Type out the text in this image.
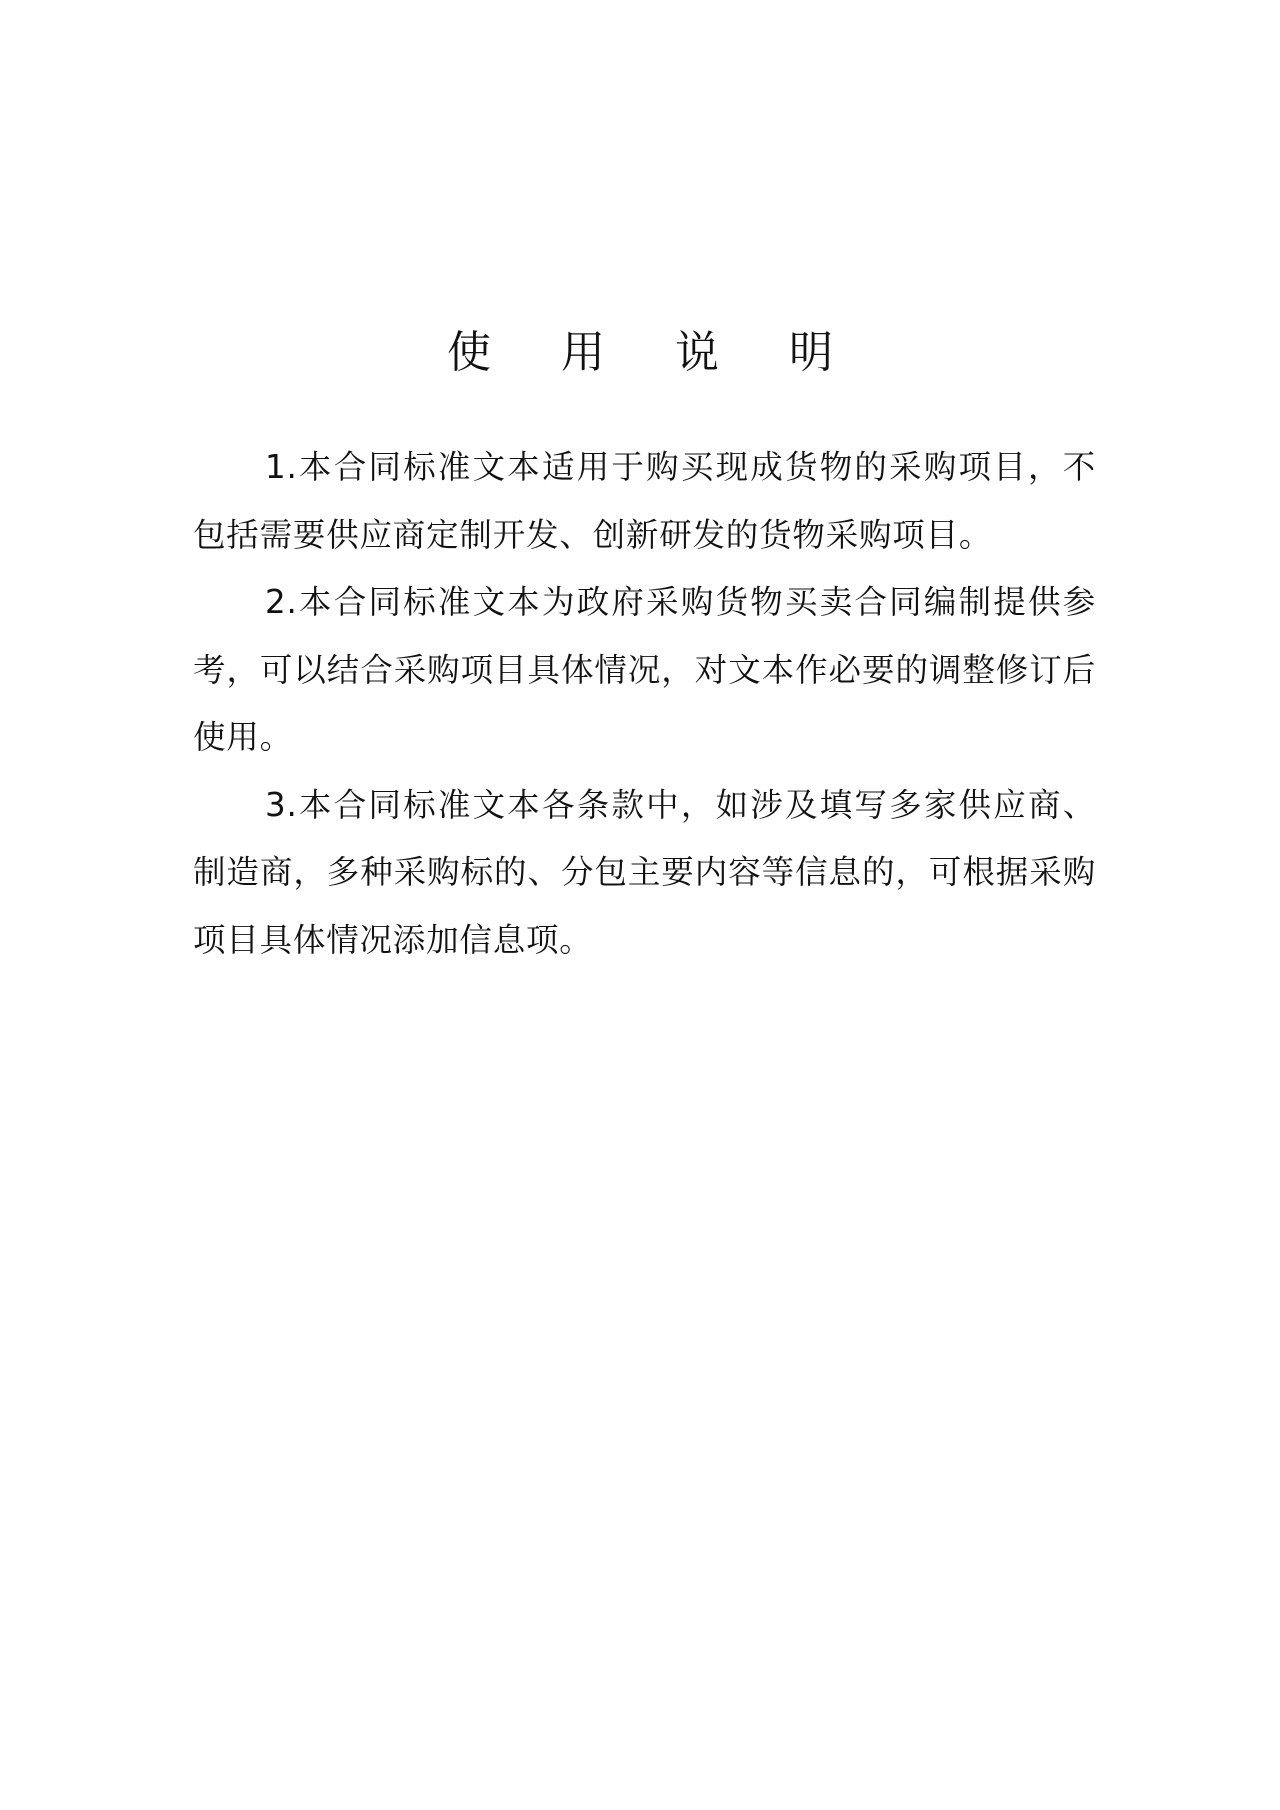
使 用 说 明

1.本合同标准文本适用于购买现成货物的采购项目，不包括需要供应商定制开发、创新研发的货物采购项目。

2.本合同标准文本为政府采购货物买卖合同编制提供参考，可以结合采购项目具体情况，对文本作必要的调整修订后使用。

3.本合同标准文本各条款中，如涉及填写多家供应商、制造商，多种采购标的、分包主要内容等信息的，可根据采购项目具体情况添加信息项。
